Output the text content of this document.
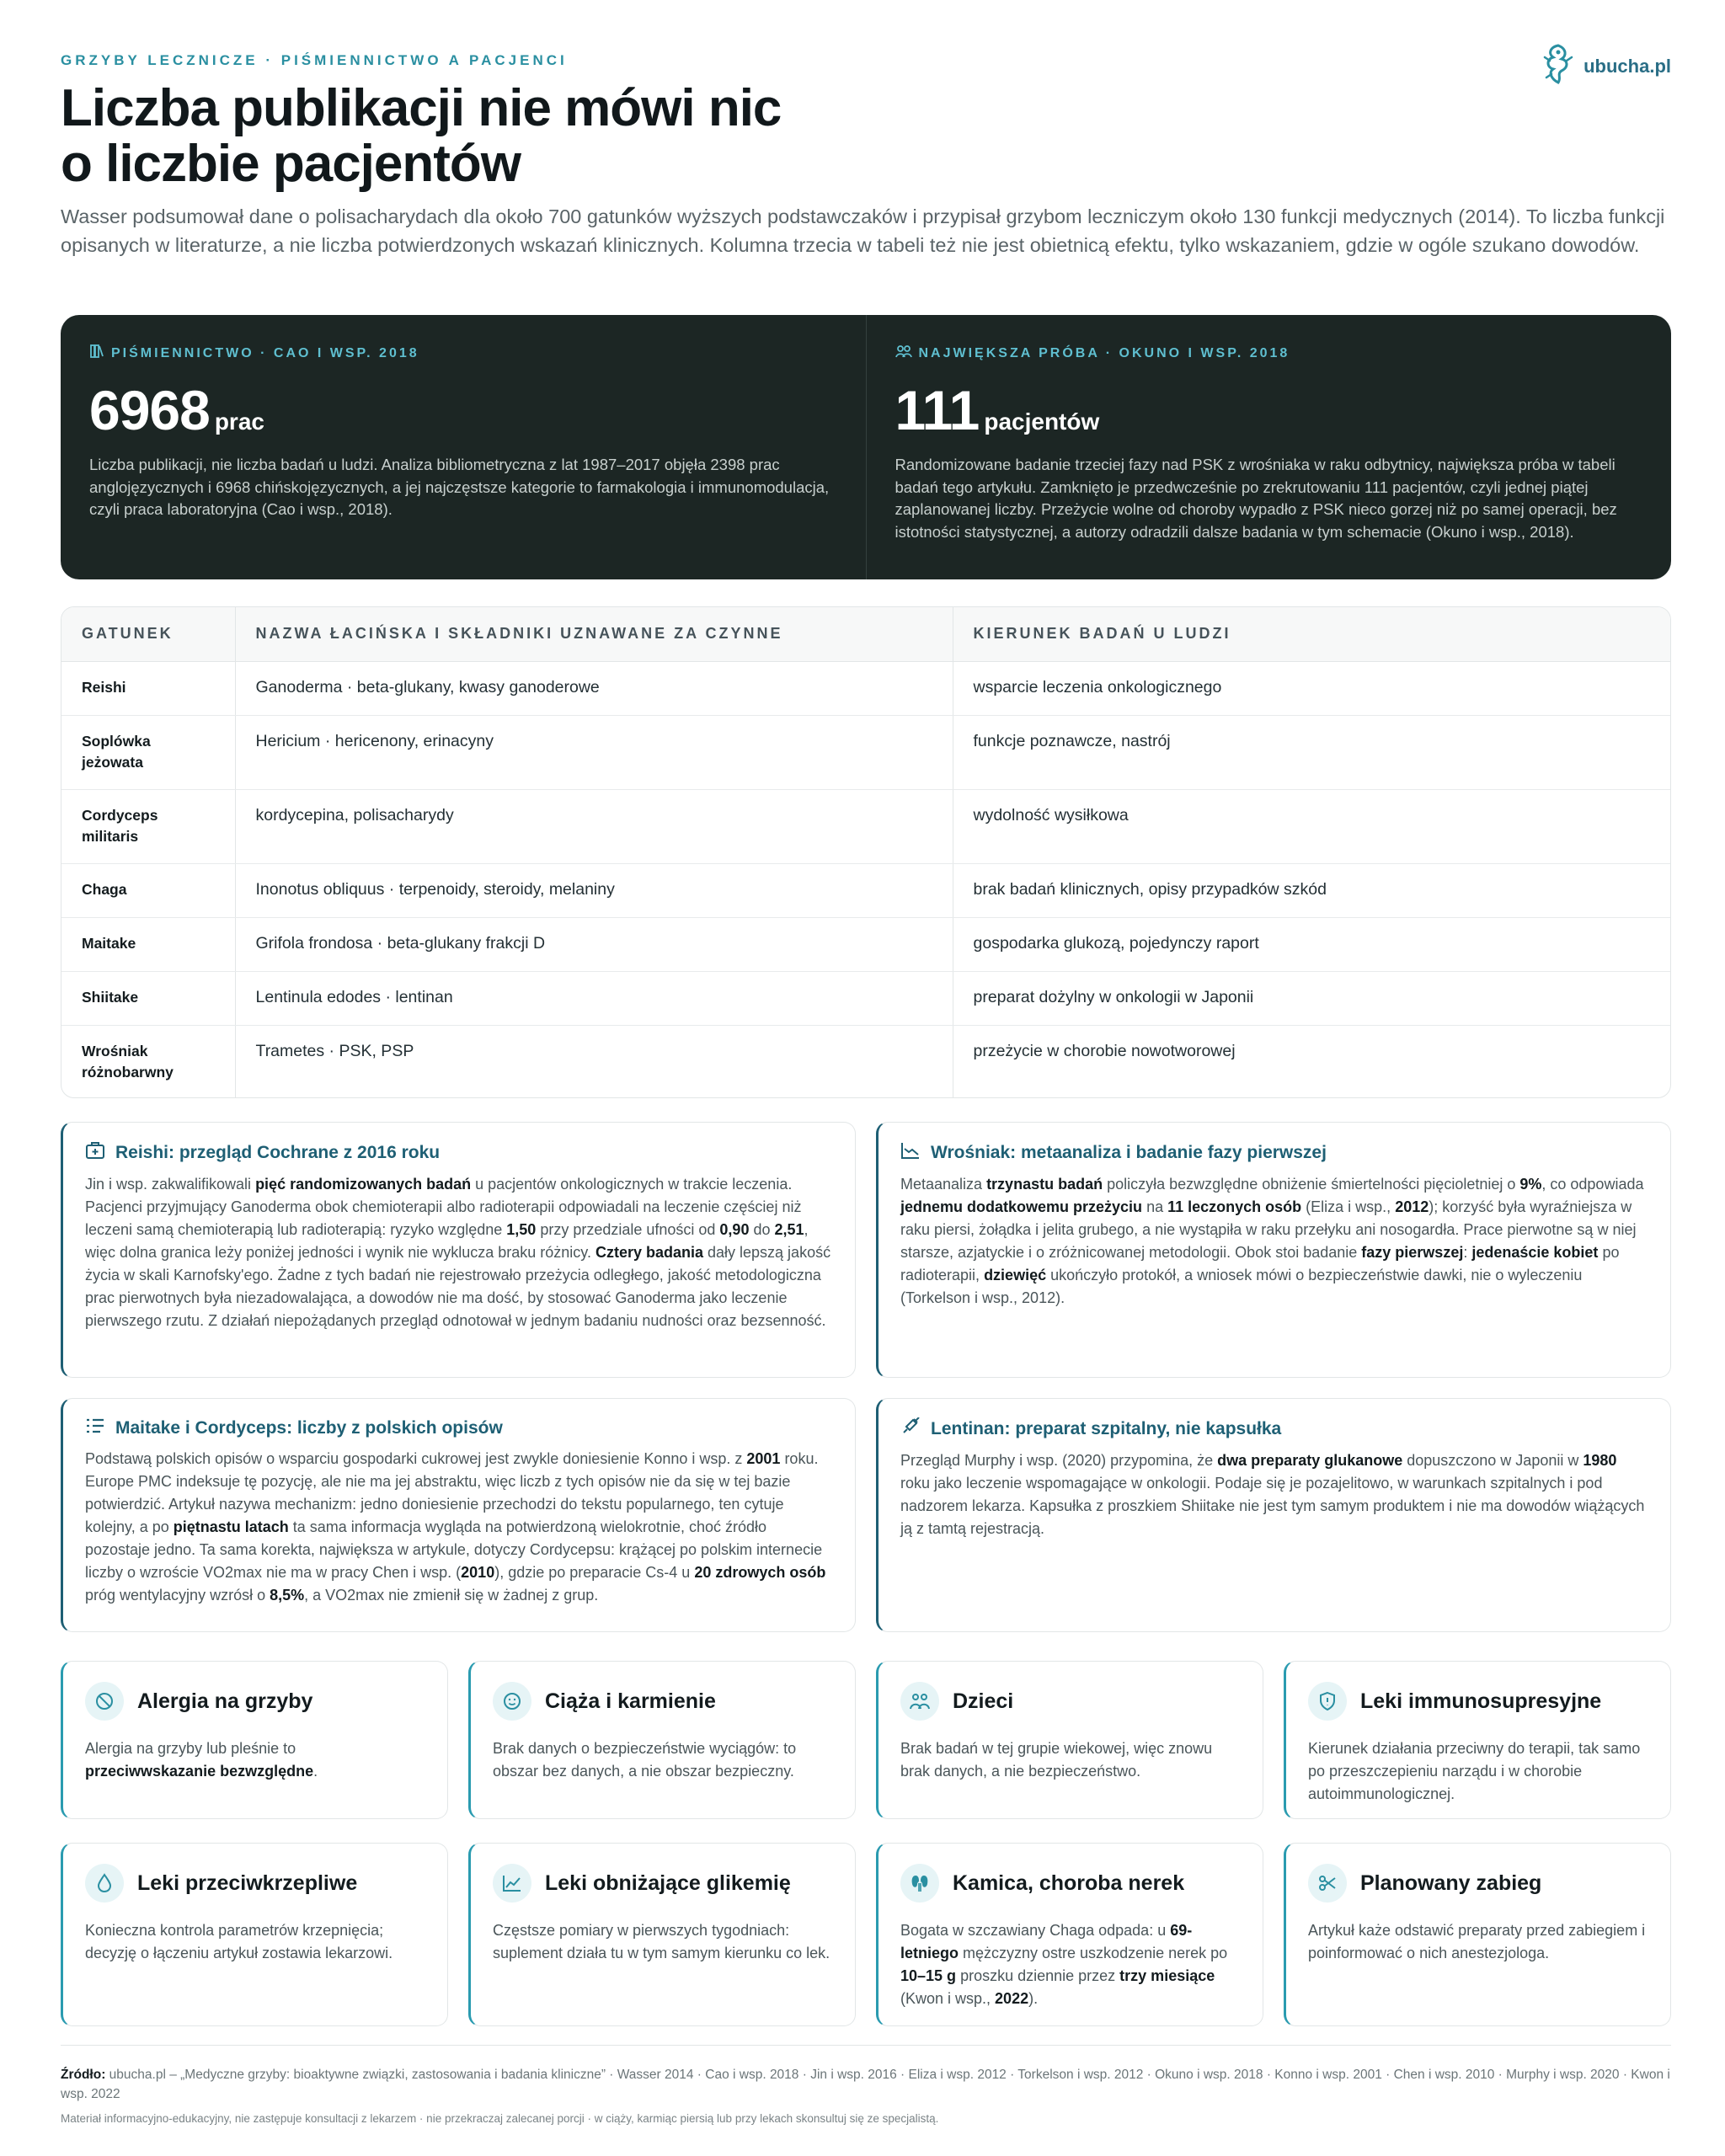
GRZYBY LECZNICZE · PIŚMIENNICTWO A PACJENCI	ubucha.pl
Liczba publikacji nie mówi nic
o liczbie pacjentów

Wasser podsumował dane o polisacharydach dla około 700 gatunków wyższych podstawczaków i przypisał grzybom leczniczym około 130 funkcji medycznych (2014). To liczba funkcji opisanych w literaturze, a nie liczba potwierdzonych wskazań klinicznych. Kolumna trzecia w tabeli też nie jest obietnicą efektu, tylko wskazaniem, gdzie w ogóle szukano dowodów.

PIŚMIENNICTWO · CAO I WSP. 2018
6968 prac

Liczba publikacji, nie liczba badań u ludzi. Analiza bibliometryczna z lat 1987–2017 objęła 2398 prac anglojęzycznych i 6968 chińskojęzycznych, a jej najczęstsze kategorie to farmakologia i immunomodulacja, czyli praca laboratoryjna (Cao i wsp., 2018).

NAJWIĘKSZA PRÓBA · OKUNO I WSP. 2018
111 pacjentów

Randomizowane badanie trzeciej fazy nad PSK z wrośniaka w raku odbytnicy, największa próba w tabeli badań tego artykułu. Zamknięto je przedwcześnie po zrekrutowaniu 111 pacjentów, czyli jednej piątej zaplanowanej liczby. Przeżycie wolne od choroby wypadło z PSK nieco gorzej niż po samej operacji, bez istotności statystycznej, a autorzy odradzili dalsze badania w tym schemacie (Okuno i wsp., 2018).

GATUNEK	NAZWA ŁACIŃSKA I SKŁADNIKI UZNAWANE ZA CZYNNE	KIERUNEK BADAŃ U LUDZI
Reishi	Ganoderma · beta-glukany, kwasy ganoderowe	wsparcie leczenia onkologicznego
Soplówka jeżowata	Hericium · hericenony, erinacyny	funkcje poznawcze, nastrój
Cordyceps militaris	kordycepina, polisacharydy	wydolność wysiłkowa
Chaga	Inonotus obliquus · terpenoidy, steroidy, melaniny	brak badań klinicznych, opisy przypadków szkód
Maitake	Grifola frondosa · beta-glukany frakcji D	gospodarka glukozą, pojedynczy raport
Shiitake	Lentinula edodes · lentinan	preparat dożylny w onkologii w Japonii
Wrośniak różnobarwny	Trametes · PSK, PSP	przeżycie w chorobie nowotworowej
Reishi: przegląd Cochrane z 2016 roku

Jin i wsp. zakwalifikowali pięć randomizowanych badań u pacjentów onkologicznych w trakcie leczenia. Pacjenci przyjmujący Ganoderma obok chemioterapii albo radioterapii odpowiadali na leczenie częściej niż leczeni samą chemioterapią lub radioterapią: ryzyko względne 1,50 przy przedziale ufności od 0,90 do 2,51, więc dolna granica leży poniżej jedności i wynik nie wyklucza braku różnicy. Cztery badania dały lepszą jakość życia w skali Karnofsky'ego. Żadne z tych badań nie rejestrowało przeżycia odległego, jakość metodologiczna prac pierwotnych była niezadowalająca, a dowodów nie ma dość, by stosować Ganoderma jako leczenie pierwszego rzutu. Z działań niepożądanych przegląd odnotował w jednym badaniu nudności oraz bezsenność.

Wrośniak: metaanaliza i badanie fazy pierwszej

Metaanaliza trzynastu badań policzyła bezwzględne obniżenie śmiertelności pięcioletniej o 9%, co odpowiada jednemu dodatkowemu przeżyciu na 11 leczonych osób (Eliza i wsp., 2012); korzyść była wyraźniejsza w raku piersi, żołądka i jelita grubego, a nie wystąpiła w raku przełyku ani nosogardła. Prace pierwotne są w niej starsze, azjatyckie i o zróżnicowanej metodologii. Obok stoi badanie fazy pierwszej: jedenaście kobiet po radioterapii, dziewięć ukończyło protokół, a wniosek mówi o bezpieczeństwie dawki, nie o wyleczeniu (Torkelson i wsp., 2012).

Maitake i Cordyceps: liczby z polskich opisów

Podstawą polskich opisów o wsparciu gospodarki cukrowej jest zwykle doniesienie Konno i wsp. z 2001 roku. Europe PMC indeksuje tę pozycję, ale nie ma jej abstraktu, więc liczb z tych opisów nie da się w tej bazie potwierdzić. Artykuł nazywa mechanizm: jedno doniesienie przechodzi do tekstu popularnego, ten cytuje kolejny, a po piętnastu latach ta sama informacja wygląda na potwierdzoną wielokrotnie, choć źródło pozostaje jedno. Ta sama korekta, największa w artykule, dotyczy Cordycepsu: krążącej po polskim internecie liczby o wzroście VO2max nie ma w pracy Chen i wsp. (2010), gdzie po preparacie Cs-4 u 20 zdrowych osób próg wentylacyjny wzrósł o 8,5%, a VO2max nie zmienił się w żadnej z grup.

Lentinan: preparat szpitalny, nie kapsułka

Przegląd Murphy i wsp. (2020) przypomina, że dwa preparaty glukanowe dopuszczono w Japonii w 1980 roku jako leczenie wspomagające w onkologii. Podaje się je pozajelitowo, w warunkach szpitalnych i pod nadzorem lekarza. Kapsułka z proszkiem Shiitake nie jest tym samym produktem i nie ma dowodów wiążących ją z tamtą rejestracją.

Alergia na grzyby

Alergia na grzyby lub pleśnie to przeciwwskazanie bezwzględne.

Ciąża i karmienie

Brak danych o bezpieczeństwie wyciągów: to obszar bez danych, a nie obszar bezpieczny.

Dzieci

Brak badań w tej grupie wiekowej, więc znowu brak danych, a nie bezpieczeństwo.

Leki immunosupresyjne

Kierunek działania przeciwny do terapii, tak samo po przeszczepieniu narządu i w chorobie autoimmunologicznej.

Leki przeciwkrzepliwe

Konieczna kontrola parametrów krzepnięcia; decyzję o łączeniu artykuł zostawia lekarzowi.

Leki obniżające glikemię

Częstsze pomiary w pierwszych tygodniach: suplement działa tu w tym samym kierunku co lek.

Kamica, choroba nerek

Bogata w szczawiany Chaga odpada: u 69-letniego mężczyzny ostre uszkodzenie nerek po 10–15 g proszku dziennie przez trzy miesiące (Kwon i wsp., 2022).

Planowany zabieg

Artykuł każe odstawić preparaty przed zabiegiem i poinformować o nich anestezjologa.

Źródło: ubucha.pl – „Medyczne grzyby: bioaktywne związki, zastosowania i badania kliniczne” · Wasser 2014 · Cao i wsp. 2018 · Jin i wsp. 2016 · Eliza i wsp. 2012 · Torkelson i wsp. 2012 · Okuno i wsp. 2018 · Konno i wsp. 2001 · Chen i wsp. 2010 · Murphy i wsp. 2020 · Kwon i wsp. 2022

Materiał informacyjno-edukacyjny, nie zastępuje konsultacji z lekarzem · nie przekraczaj zalecanej porcji · w ciąży, karmiąc piersią lub przy lekach skonsultuj się ze specjalistą.
